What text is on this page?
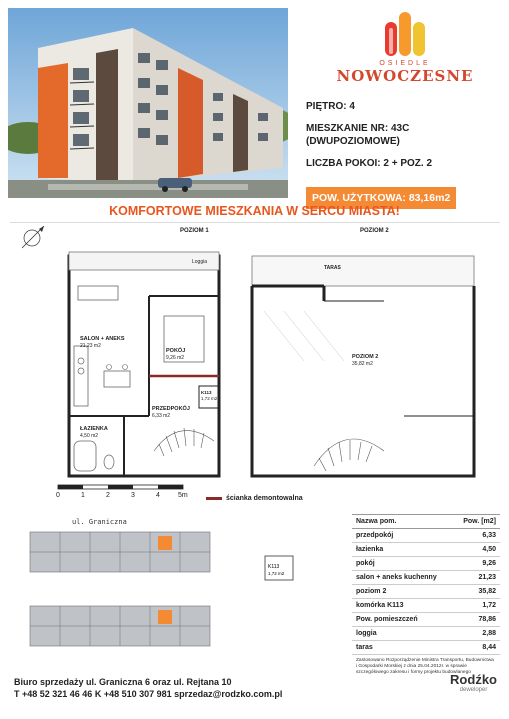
OSIEDLE
NOWOCZESNE
PIĘTRO: 4
MIESZKANIE NR: 43C
(DWUPOZIOMOWE)
LICZBA POKOI: 2 + POZ. 2
POW. UŻYTKOWA: 83,16m2
KOMFORTOWE MIESZKANIA W SERCU MIASTA!
POZIOM 1
Loggia
SALON + ANEKS
21,23 m2
POKÓJ
9,26 m2
PRZEDPOKÓJ
6,33 m2
ŁAZIENKA
4,50 m2
K113
1,72 m2
POZIOM 2
TARAS
POZIOM 2
35,82 m2
0	1	2	3	4	5m	ścianka demontowalna
ul. Graniczna
K113
1,72 m2
Nazwa pom.	Pow. [m2]
przedpokój	6,33
łazienka	4,50
pokój	9,26
salon + aneks kuchenny	21,23
poziom 2	35,82
komórka K113	1,72
Pow. pomieszczeń	78,86
loggia	2,88
taras	8,44
Zastosowano Rozporządzenie Ministra Transportu, Budownictwa i Gospodarki Morskiej z dnia 25.04.2012r. w sprawie szczegółowego zakresu i formy projektu budowlanego
Biuro sprzedaży ul. Graniczna 6 oraz ul. Rejtana 10
T +48 52 321 46 46 K +48 510 307 981 sprzedaz@rodzko.com.pl
Rodźko
deweloper
